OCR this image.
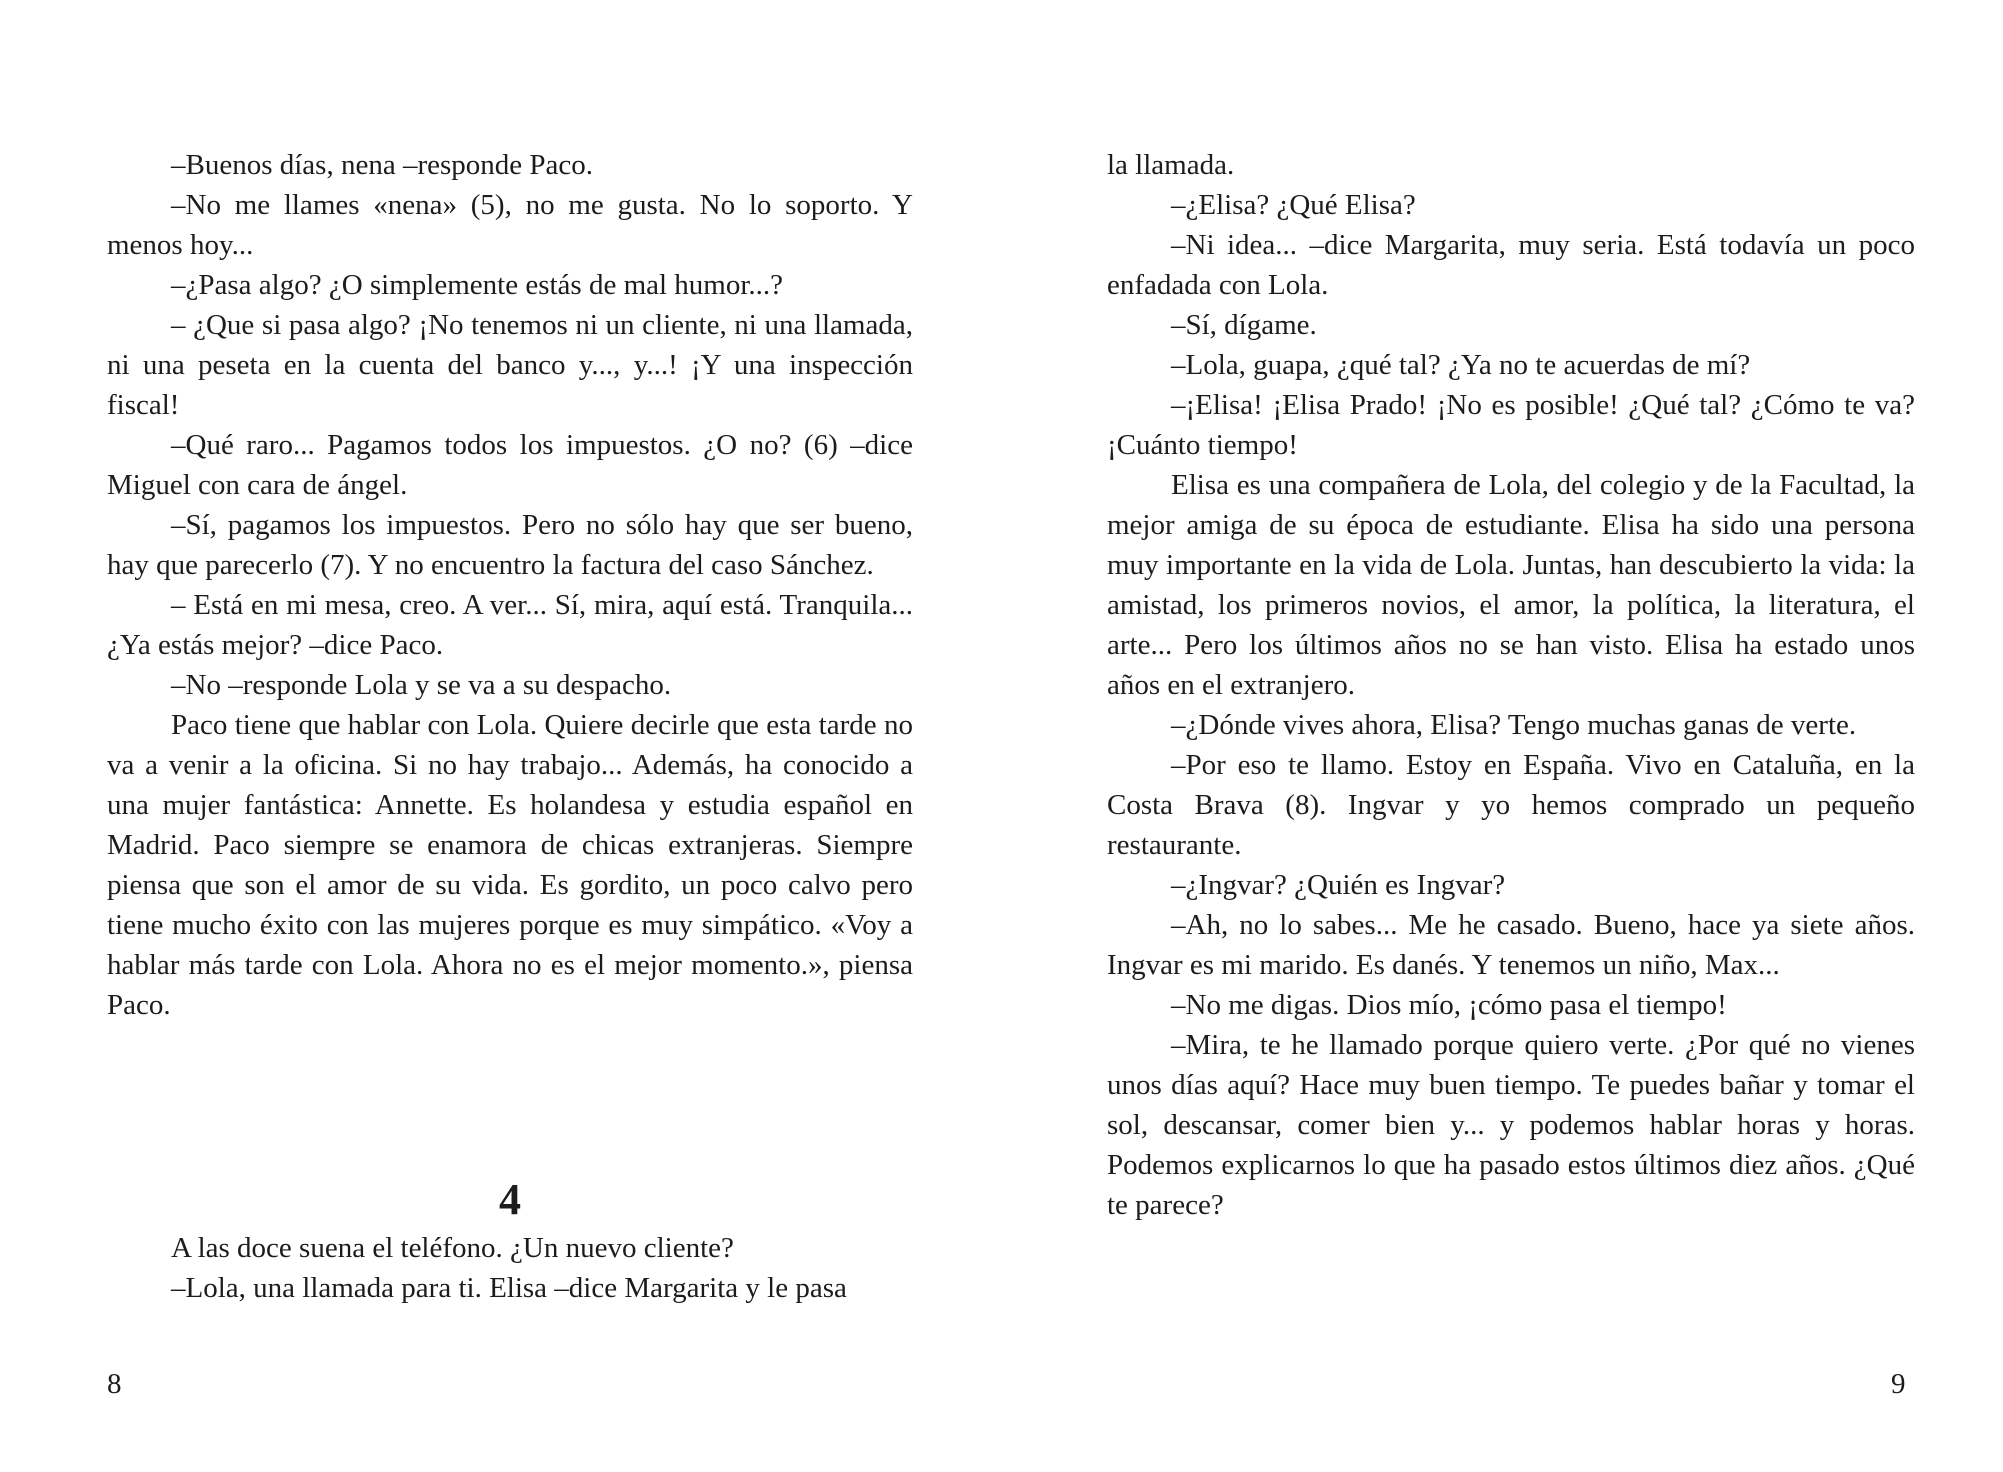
–Buenos días, nena –responde Paco.

–No me llames «nena» (5), no me gusta. No lo soporto. Y menos hoy...

–¿Pasa algo? ¿O simplemente estás de mal humor...?

– ¿Que si pasa algo? ¡No tenemos ni un cliente, ni una llamada, ni una peseta en la cuenta del banco y..., y...! ¡Y una inspección fiscal!

–Qué raro... Pagamos todos los impuestos. ¿O no? (6) –dice Miguel con cara de ángel.

–Sí, pagamos los impuestos. Pero no sólo hay que ser bueno, hay que parecerlo (7). Y no encuentro la factura del caso Sánchez.

– Está en mi mesa, creo. A ver... Sí, mira, aquí está. Tranquila... ¿Ya estás mejor? –dice Paco.

–No –responde Lola y se va a su despacho.

Paco tiene que hablar con Lola. Quiere decirle que esta tarde no va a venir a la oficina. Si no hay trabajo... Además, ha conocido a una mujer fantástica: Annette. Es holandesa y estudia español en Madrid. Paco siempre se enamora de chicas extranjeras. Siempre piensa que son el amor de su vida. Es gordito, un poco calvo pero tiene mucho éxito con las mujeres porque es muy simpático. «Voy a hablar más tarde con Lola. Ahora no es el mejor momento.», piensa Paco.

4

A las doce suena el teléfono. ¿Un nuevo cliente?

–Lola, una llamada para ti. Elisa –dice Margarita y le pasa

8

la llamada.

–¿Elisa? ¿Qué Elisa?

–Ni idea... –dice Margarita, muy seria. Está todavía un poco enfadada con Lola.

–Sí, dígame.

–Lola, guapa, ¿qué tal? ¿Ya no te acuerdas de mí?

–¡Elisa! ¡Elisa Prado! ¡No es posible! ¿Qué tal? ¿Cómo te va? ¡Cuánto tiempo!

Elisa es una compañera de Lola, del colegio y de la Facultad, la mejor amiga de su época de estudiante. Elisa ha sido una persona muy importante en la vida de Lola. Juntas, han descubierto la vida: la amistad, los primeros novios, el amor, la política, la literatura, el arte... Pero los últimos años no se han visto. Elisa ha estado unos años en el extranjero.

–¿Dónde vives ahora, Elisa? Tengo muchas ganas de verte.

–Por eso te llamo. Estoy en España. Vivo en Cataluña, en la Costa Brava (8). Ingvar y yo hemos comprado un pequeño restaurante.

–¿Ingvar? ¿Quién es Ingvar?

–Ah, no lo sabes... Me he casado. Bueno, hace ya siete años. Ingvar es mi marido. Es danés. Y tenemos un niño, Max...

–No me digas. Dios mío, ¡cómo pasa el tiempo!

–Mira, te he llamado porque quiero verte. ¿Por qué no vienes unos días aquí? Hace muy buen tiempo. Te puedes bañar y tomar el sol, descansar, comer bien y... y podemos hablar horas y horas. Podemos explicarnos lo que ha pasado estos últimos diez años. ¿Qué te parece?

9
